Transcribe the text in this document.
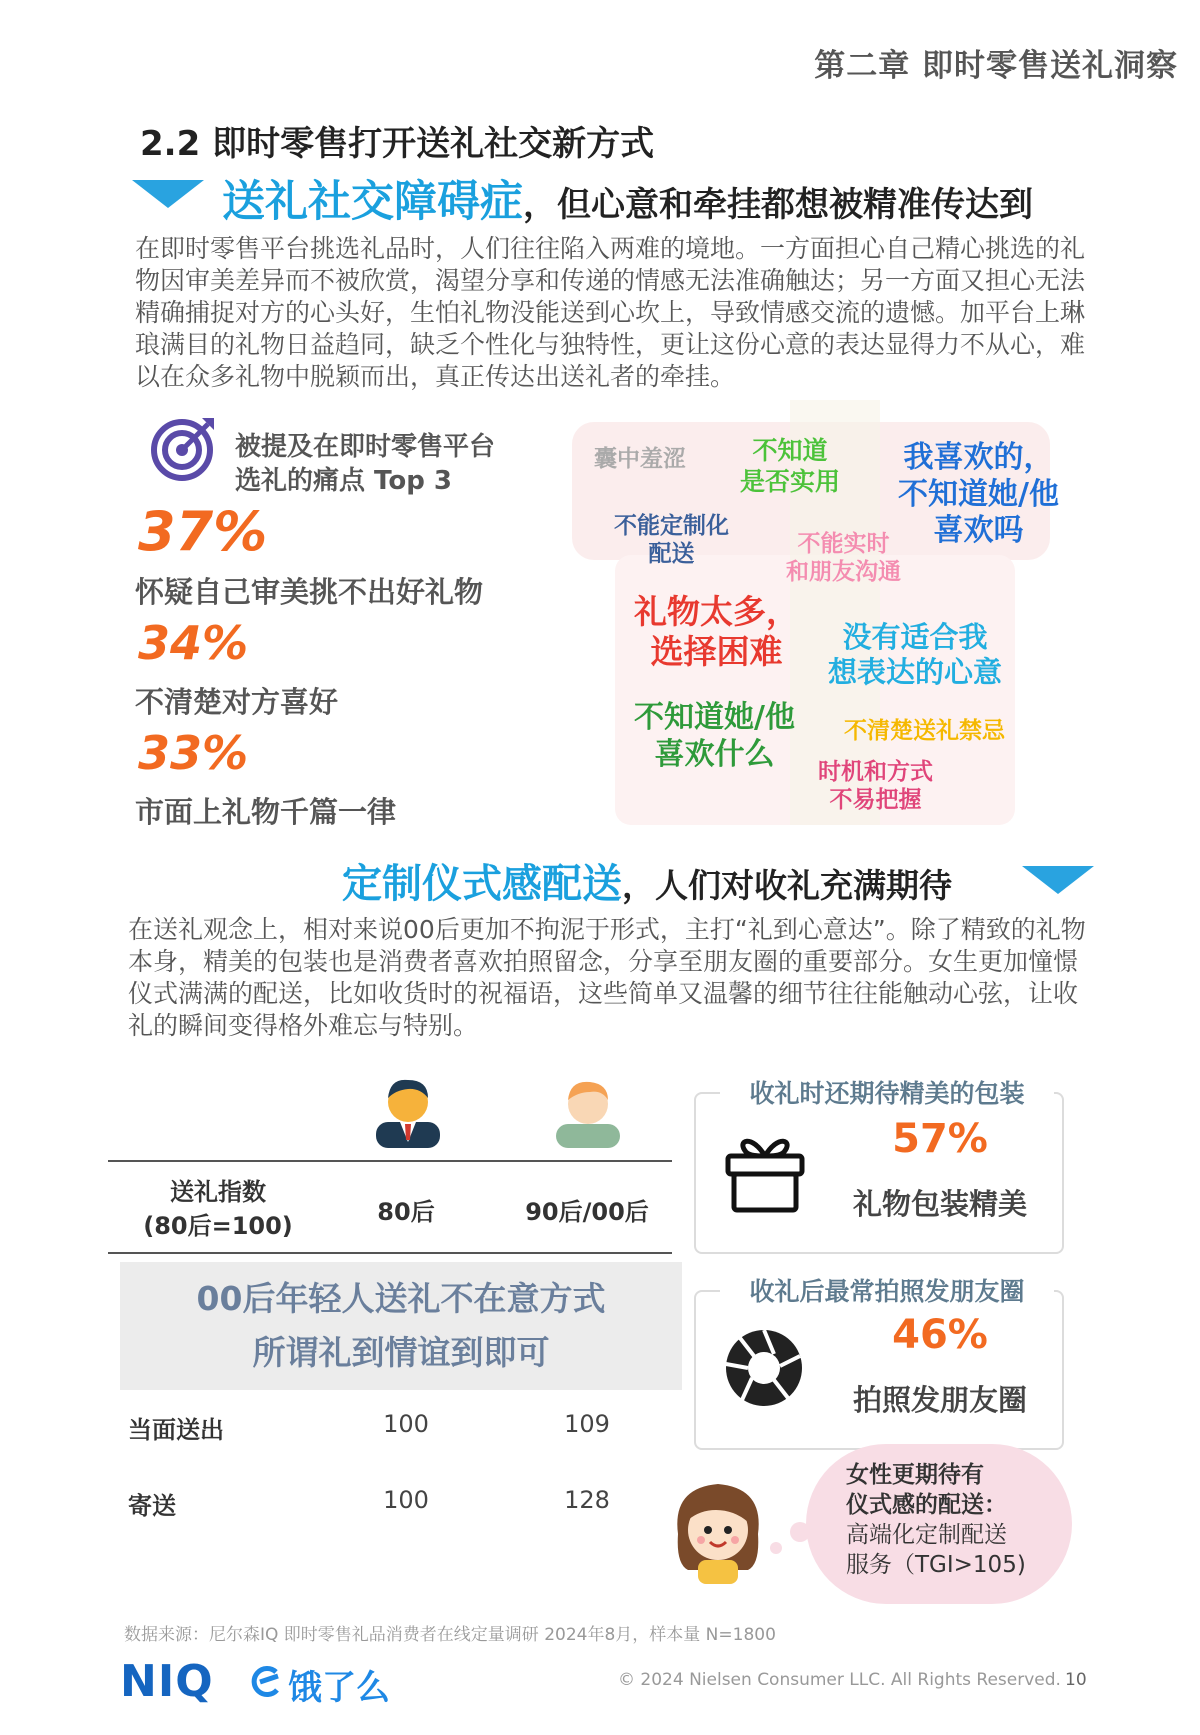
第二章 即时零售送礼洞察
2.2 即时零售打开送礼社交新方式
送礼社交障碍症，但心意和牵挂都想被精准传达到
在即时零售平台挑选礼品时，人们往往陷入两难的境地。一方面担心自己精心挑选的礼物因审美差异而不被欣赏，渴望分享和传递的情感无法准确触达；另一方面又担心无法精确捕捉对方的心头好，生怕礼物没能送到心坎上，导致情感交流的遗憾。加平台上琳琅满目的礼物日益趋同，缺乏个性化与独特性，更让这份心意的表达显得力不从心，难以在众多礼物中脱颖而出，真正传达出送礼者的牵挂。
被提及在即时零售平台
选礼的痛点 Top 3
37%
怀疑自己审美挑不出好礼物
34%
不清楚对方喜好
33%
市面上礼物千篇一律
囊中羞涩	不知道
是否实用
我喜欢的，
不知道她/他
喜欢吗
不能定制化
配送	不能实时
和朋友沟通
礼物太多，
选择困难	没有适合我
想表达的心意
不知道她/他
喜欢什么
不清楚送礼禁忌
时机和方式
不易把握
定制仪式感配送，人们对收礼充满期待
在送礼观念上，相对来说00后更加不拘泥于形式，主打“礼到心意达”。除了精致的礼物本身，精美的包装也是消费者喜欢拍照留念，分享至朋友圈的重要部分。女生更加憧憬仪式满满的配送，比如收货时的祝福语，这些简单又温馨的细节往往能触动心弦，让收礼的瞬间变得格外难忘与特别。
送礼指数
(80后=100)	80后	90后/00后
00后年轻人送礼不在意方式
所谓礼到情谊到即可
当面送出	100	109
寄送	100	128
收礼时还期待精美的包装
57%
礼物包装精美
收礼后最常拍照发朋友圈
46%
拍照发朋友圈
女性更期待有
仪式感的配送：
高端化定制配送
服务（TGI>105)
数据来源：尼尔森IQ 即时零售礼品消费者在线定量调研 2024年8月，样本量 N=1800
NIQ 饿了么	© 2024 Nielsen Consumer LLC. All Rights Reserved. 10
